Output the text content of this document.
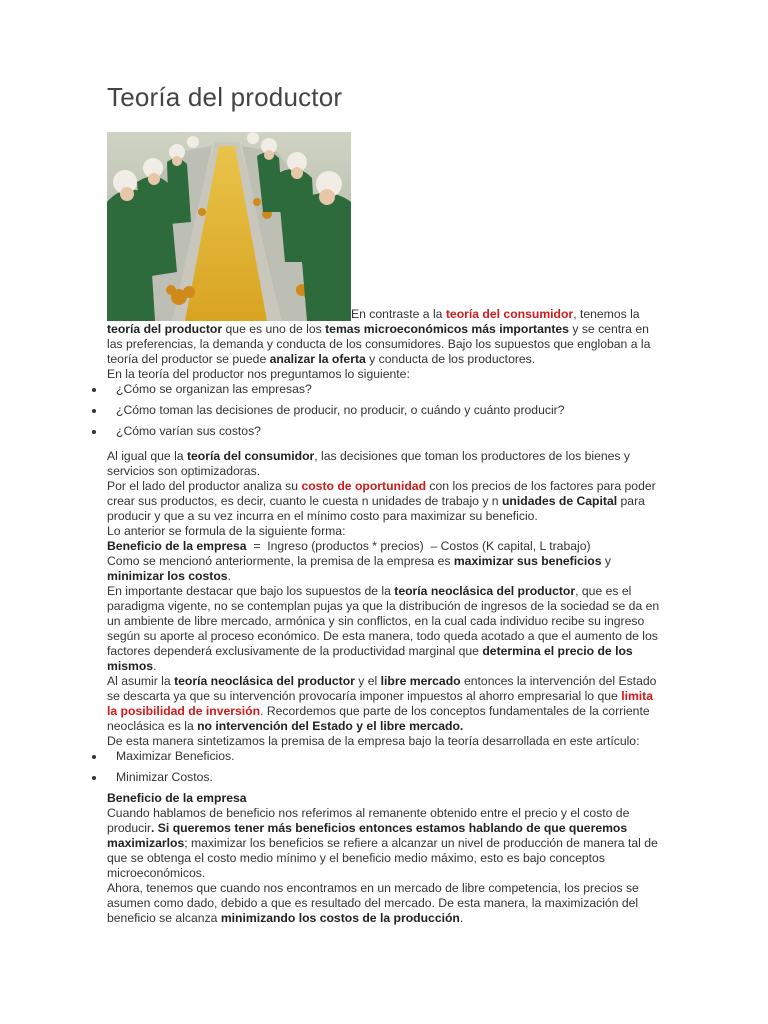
Teoría del productor

En contraste a la teoría del consumidor, tenemos la teoría del productor que es uno de los temas microeconómicos más importantes y se centra en las preferencias, la demanda y conducta de los consumidores. Bajo los supuestos que engloban a la teoría del productor se puede analizar la oferta y conducta de los productores.

En la teoría del productor nos preguntamos lo siguiente:

¿Cómo se organizan las empresas?
¿Cómo toman las decisiones de producir, no producir, o cuándo y cuánto producir?
¿Cómo varían sus costos?

Al igual que la teoría del consumidor, las decisiones que toman los productores de los bienes y servicios son optimizadoras.

Por el lado del productor analiza su costo de oportunidad con los precios de los factores para poder crear sus productos, es decir, cuanto le cuesta n unidades de trabajo y n unidades de Capital para producir y que a su vez incurra en el mínimo costo para maximizar su beneficio.

Lo anterior se formula de la siguiente forma:

Beneficio de la empresa  =  Ingreso (productos * precios)  – Costos (K capital, L trabajo)

Como se mencionó anteriormente, la premisa de la empresa es maximizar sus beneficios y minimizar los costos.

En importante destacar que bajo los supuestos de la teoría neoclásica del productor, que es el paradigma vigente, no se contemplan pujas ya que la distribución de ingresos de la sociedad se da en un ambiente de libre mercado, armónica y sin conflictos, en la cual cada individuo recibe su ingreso según su aporte al proceso económico. De esta manera, todo queda acotado a que el aumento de los factores dependerá exclusivamente de la productividad marginal que determina el precio de los mismos.

Al asumir la teoría neoclásica del productor y el libre mercado entonces la intervención del Estado se descarta ya que su intervención provocaría imponer impuestos al ahorro empresarial lo que limita la posibilidad de inversión. Recordemos que parte de los conceptos fundamentales de la corriente neoclásica es la no intervención del Estado y el libre mercado.

De esta manera sintetizamos la premisa de la empresa bajo la teoría desarrollada en este artículo:

Maximizar Beneficios.
Minimizar Costos.

Beneficio de la empresa

Cuando hablamos de beneficio nos referimos al remanente obtenido entre el precio y el costo de producir. Si queremos tener más beneficios entonces estamos hablando de que queremos maximizarlos; maximizar los beneficios se refiere a alcanzar un nivel de producción de manera tal de que se obtenga el costo medio mínimo y el beneficio medio máximo, esto es bajo conceptos microeconómicos.

Ahora, tenemos que cuando nos encontramos en un mercado de libre competencia, los precios se asumen como dado, debido a que es resultado del mercado. De esta manera, la maximización del beneficio se alcanza minimizando los costos de la producción.
